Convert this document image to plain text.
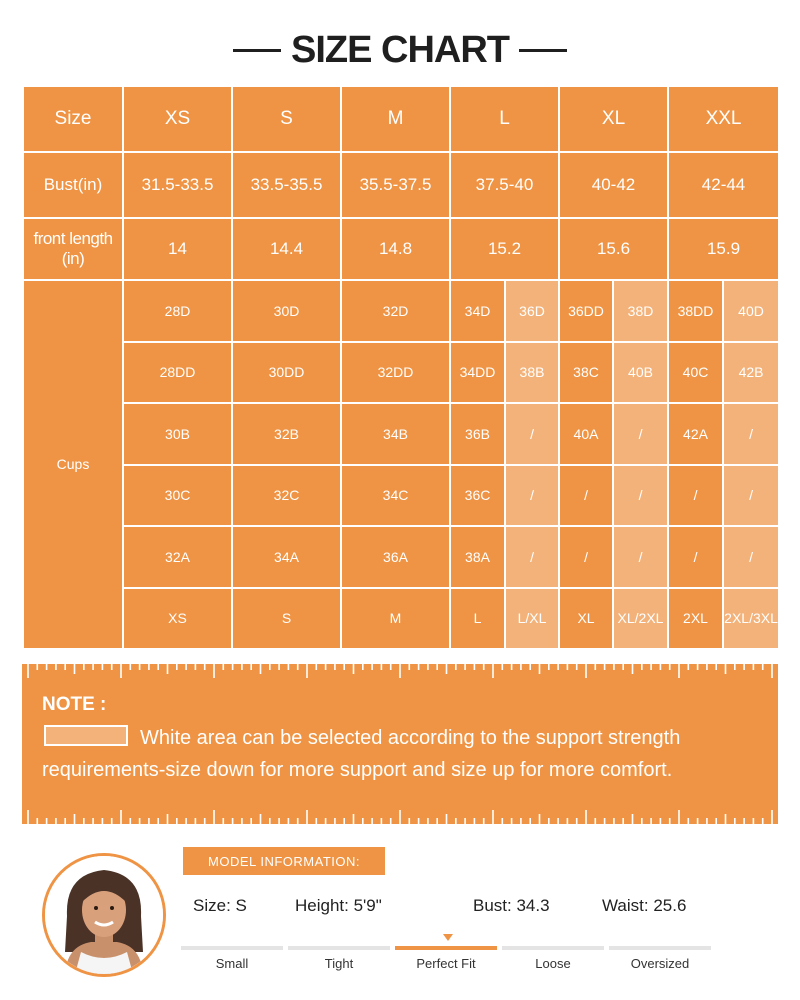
SIZE CHART
Size	XS	S	M	L		XL		XXL	
Bust(in)	31.5-33.5	33.5-35.5	35.5-37.5	37.5-40		40-42		42-44	
front length
(in)	14	14.4	14.8	15.2		15.6		15.9	
Cups	28D	30D	32D	34D	36D	36DD	38D	38DD	40D
	28DD	30DD	32DD	34DD	38B	38C	40B	40C	42B
	30B	32B	34B	36B	/	40A	/	42A	/
	30C	32C	34C	36C	/	/	/	/	/
	32A	34A	36A	38A	/	/	/	/	/
	XS	S	M	L	L/XL	XL	XL/2XL	2XL	2XL/3XL
NOTE :
White area can be selected according to the support strength
requirements-size down for more support and size up for more comfort.
MODEL INFORMATION:
Size: S	Height: 5'9"	Bust: 34.3	Waist: 25.6
Small	Tight	Perfect Fit	Loose	Oversized
